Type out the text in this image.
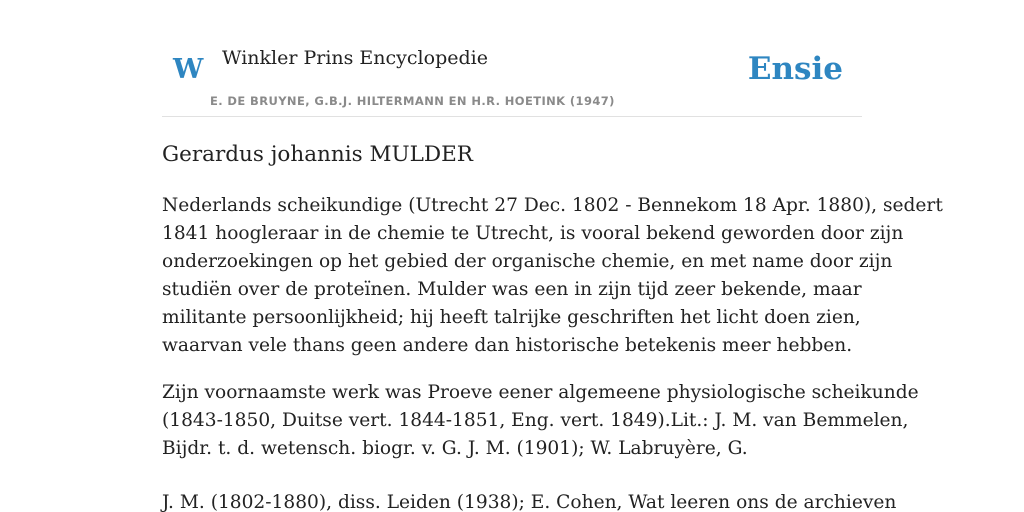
W Winkler Prins Encyclopedie
E. DE BRUYNE, G.B.J. HILTERMANN EN H.R. HOETINK (1947)
Ensie
Gerardus johannis MULDER

Nederlands scheikundige (Utrecht 27 Dec. 1802 - Bennekom 18 Apr. 1880), sedert
1841 hoogleraar in de chemie te Utrecht, is vooral bekend geworden door zijn
onderzoekingen op het gebied der organische chemie, en met name door zijn
studiën over de proteïnen. Mulder was een in zijn tijd zeer bekende, maar
militante persoonlijkheid; hij heeft talrijke geschriften het licht doen zien,
waarvan vele thans geen andere dan historische betekenis meer hebben.

Zijn voornaamste werk was Proeve eener algemeene physiologische scheikunde
(1843-1850, Duitse vert. 1844-1851, Eng. vert. 1849).Lit.: J. M. van Bemmelen,
Bijdr. t. d. wetensch. biogr. v. G. J. M. (1901); W. Labruyère, G.

J. M. (1802-1880), diss. Leiden (1938); E. Cohen, Wat leeren ons de archieven
